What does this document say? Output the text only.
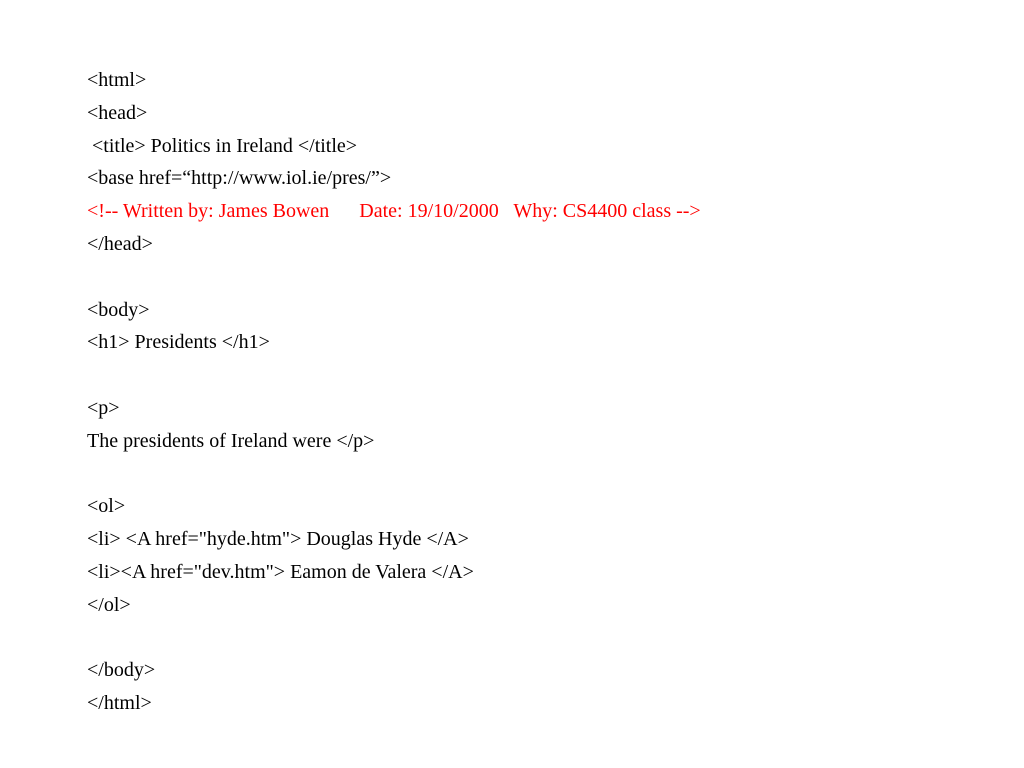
<html>
<head>
<title> Politics in Ireland </title>
<base href=“http://www.iol.ie/pres/”>
<!-- Written by: James Bowen      Date: 19/10/2000   Why: CS4400 class -->
</head>
<body>
<h1> Presidents </h1>
<p>
The presidents of Ireland were </p>
<ol>
<li> <A href="hyde.htm"> Douglas Hyde </A>
<li><A href="dev.htm"> Eamon de Valera </A>
</ol>
</body>
</html>
